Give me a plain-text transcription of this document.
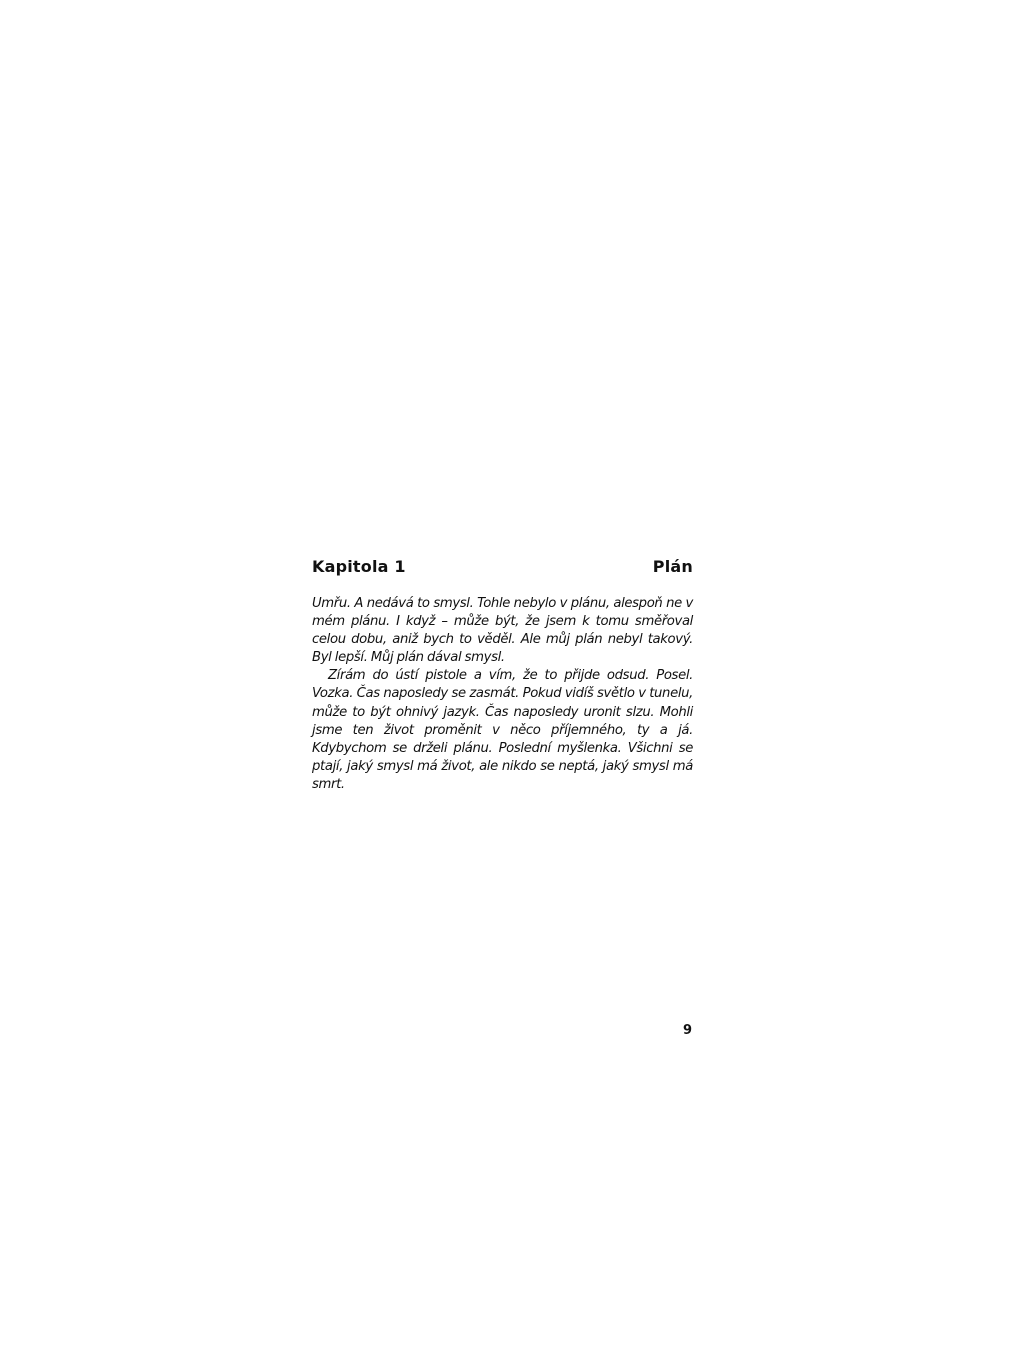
Kapitola 1	Plán

Umřu. A nedává to smysl. Tohle nebylo v plánu, alespoň ne v mém plánu. I když – může být, že jsem k tomu směřoval celou dobu, aniž bych to věděl. Ale můj plán nebyl takový. Byl lepší. Můj plán dával smysl.

Zírám do ústí pistole a vím, že to přijde odsud. Posel. Vozka. Čas naposledy se zasmát. Pokud vidíš světlo v tunelu, může to být ohnivý jazyk. Čas naposledy uronit slzu. Mohli jsme ten život proměnit v něco příjemného, ty a já. Kdybychom se drželi plánu. Poslední myšlenka. Všichni se ptají, jaký smysl má život, ale nikdo se neptá, jaký smysl má smrt.

9
